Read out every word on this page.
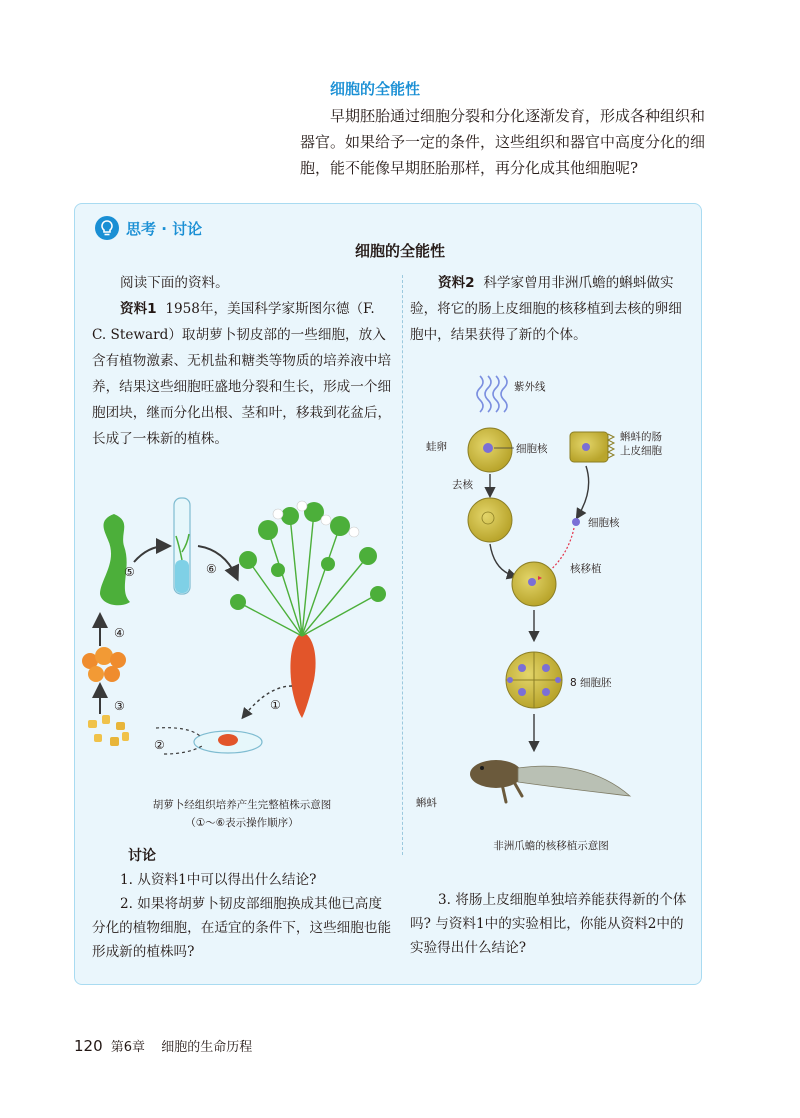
细胞的全能性

早期胚胎通过细胞分裂和分化逐渐发育，形成各种组织和器官。如果给予一定的条件，这些组织和器官中高度分化的细胞，能不能像早期胚胎那样，再分化成其他细胞呢?

思考 · 讨论
细胞的全能性

阅读下面的资料。

资料1 1958年，美国科学家斯图尔德（F. C. Steward）取胡萝卜韧皮部的一些细胞，放入含有植物激素、无机盐和糖类等物质的培养液中培养，结果这些细胞旺盛地分裂和生长，形成一个细胞团块，继而分化出根、茎和叶，移栽到花盆后，长成了一株新的植株。

资料2 科学家曾用非洲爪蟾的蝌蚪做实验，将它的肠上皮细胞的核移植到去核的卵细胞中，结果获得了新的个体。

①
②
③
④
⑤	⑥
胡萝卜经组织培养产生完整植株示意图
（①～⑥表示操作顺序）
紫外线
蛙卵	细胞核
蝌蚪的肠
上皮细胞
去核
细胞核
核移植
8 细胞胚
蝌蚪
非洲爪蟾的核移植示意图
讨论

1. 从资料1中可以得出什么结论?

2. 如果将胡萝卜韧皮部细胞换成其他已高度分化的植物细胞，在适宜的条件下，这些细胞也能形成新的植株吗?

3. 将肠上皮细胞单独培养能获得新的个体吗? 与资料1中的实验相比，你能从资料2中的实验得出什么结论?

120 第6章 细胞的生命历程
